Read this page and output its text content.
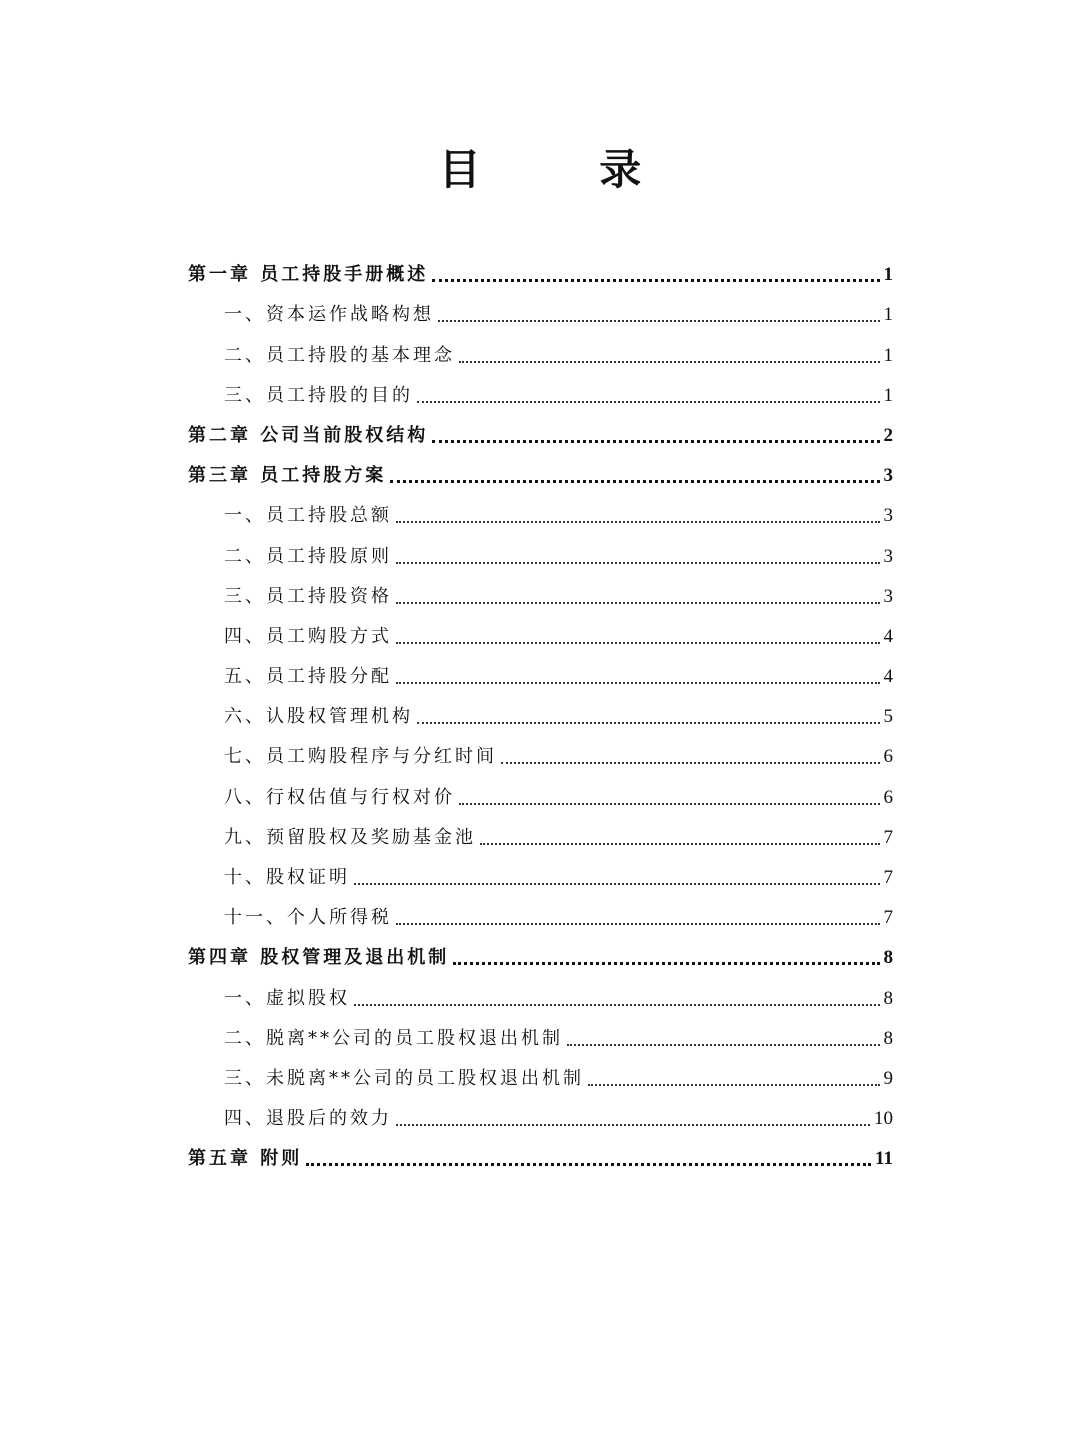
目 录
第一章 员工持股手册概述	1
一、资本运作战略构想	1
二、员工持股的基本理念	1
三、员工持股的目的	1
第二章 公司当前股权结构	2
第三章 员工持股方案	3
一、员工持股总额	3
二、员工持股原则	3
三、员工持股资格	3
四、员工购股方式	4
五、员工持股分配	4
六、认股权管理机构	5
七、员工购股程序与分红时间	6
八、行权估值与行权对价	6
九、预留股权及奖励基金池	7
十、股权证明	7
十一、个人所得税	7
第四章 股权管理及退出机制	8
一、虚拟股权	8
二、脱离**公司的员工股权退出机制	8
三、未脱离**公司的员工股权退出机制	9
四、退股后的效力	10
第五章 附则	11
